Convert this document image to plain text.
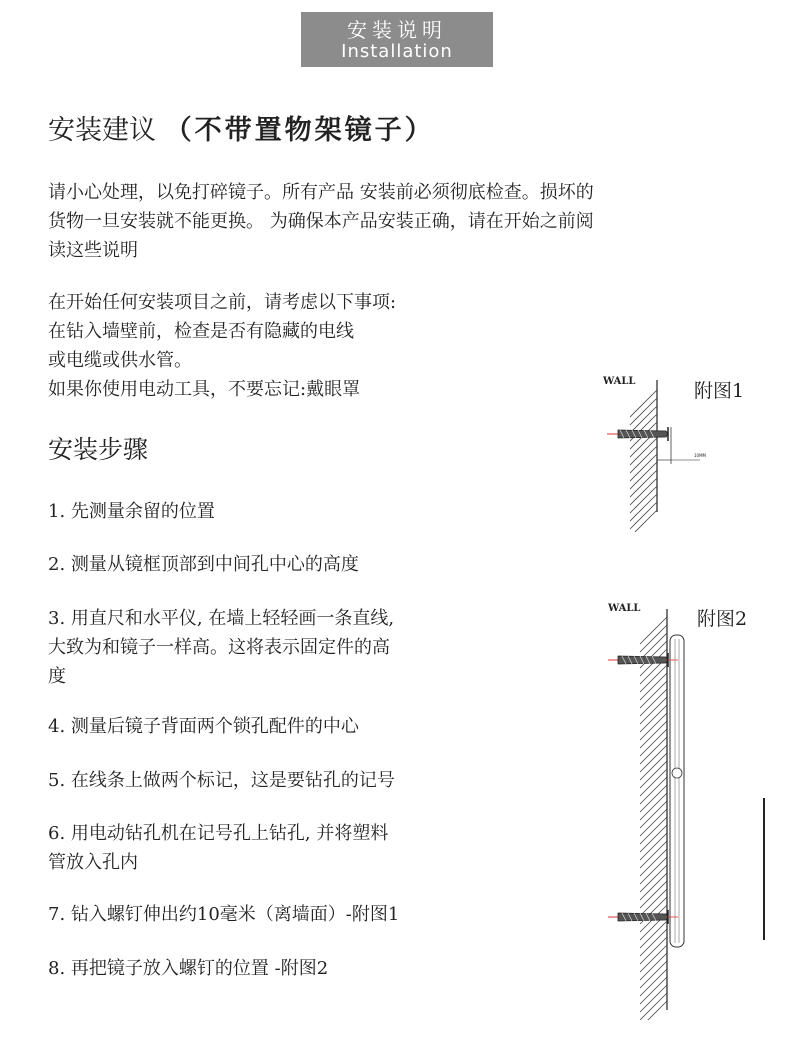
安装说明
Installation
安装建议 （不带置物架镜子）

请小心处理，以免打碎镜子。所有产品 安装前必须彻底检查。损坏的
货物一旦安装就不能更换。 为确保本产品安装正确，请在开始之前阅
读这些说明

在开始任何安装项目之前，请考虑以下事项:
在钻入墙壁前，检查是否有隐藏的电线
或电缆或供水管。
如果你使用电动工具，不要忘记:戴眼罩

安装步骤

1. 先测量余留的位置

2. 测量从镜框顶部到中间孔中心的高度

3. 用直尺和水平仪, 在墙上轻轻画一条直线,
大致为和镜子一样高。这将表示固定件的高
度

4. 测量后镜子背面两个锁孔配件的中心

5. 在线条上做两个标记，这是要钻孔的记号

6. 用电动钻孔机在记号孔上钻孔, 并将塑料
管放入孔内

7. 钻入螺钉伸出约10毫米（离墙面）-附图1

8. 再把镜子放入螺钉的位置 -附图2

附图1
WALL
10MM
附图2
WALL
